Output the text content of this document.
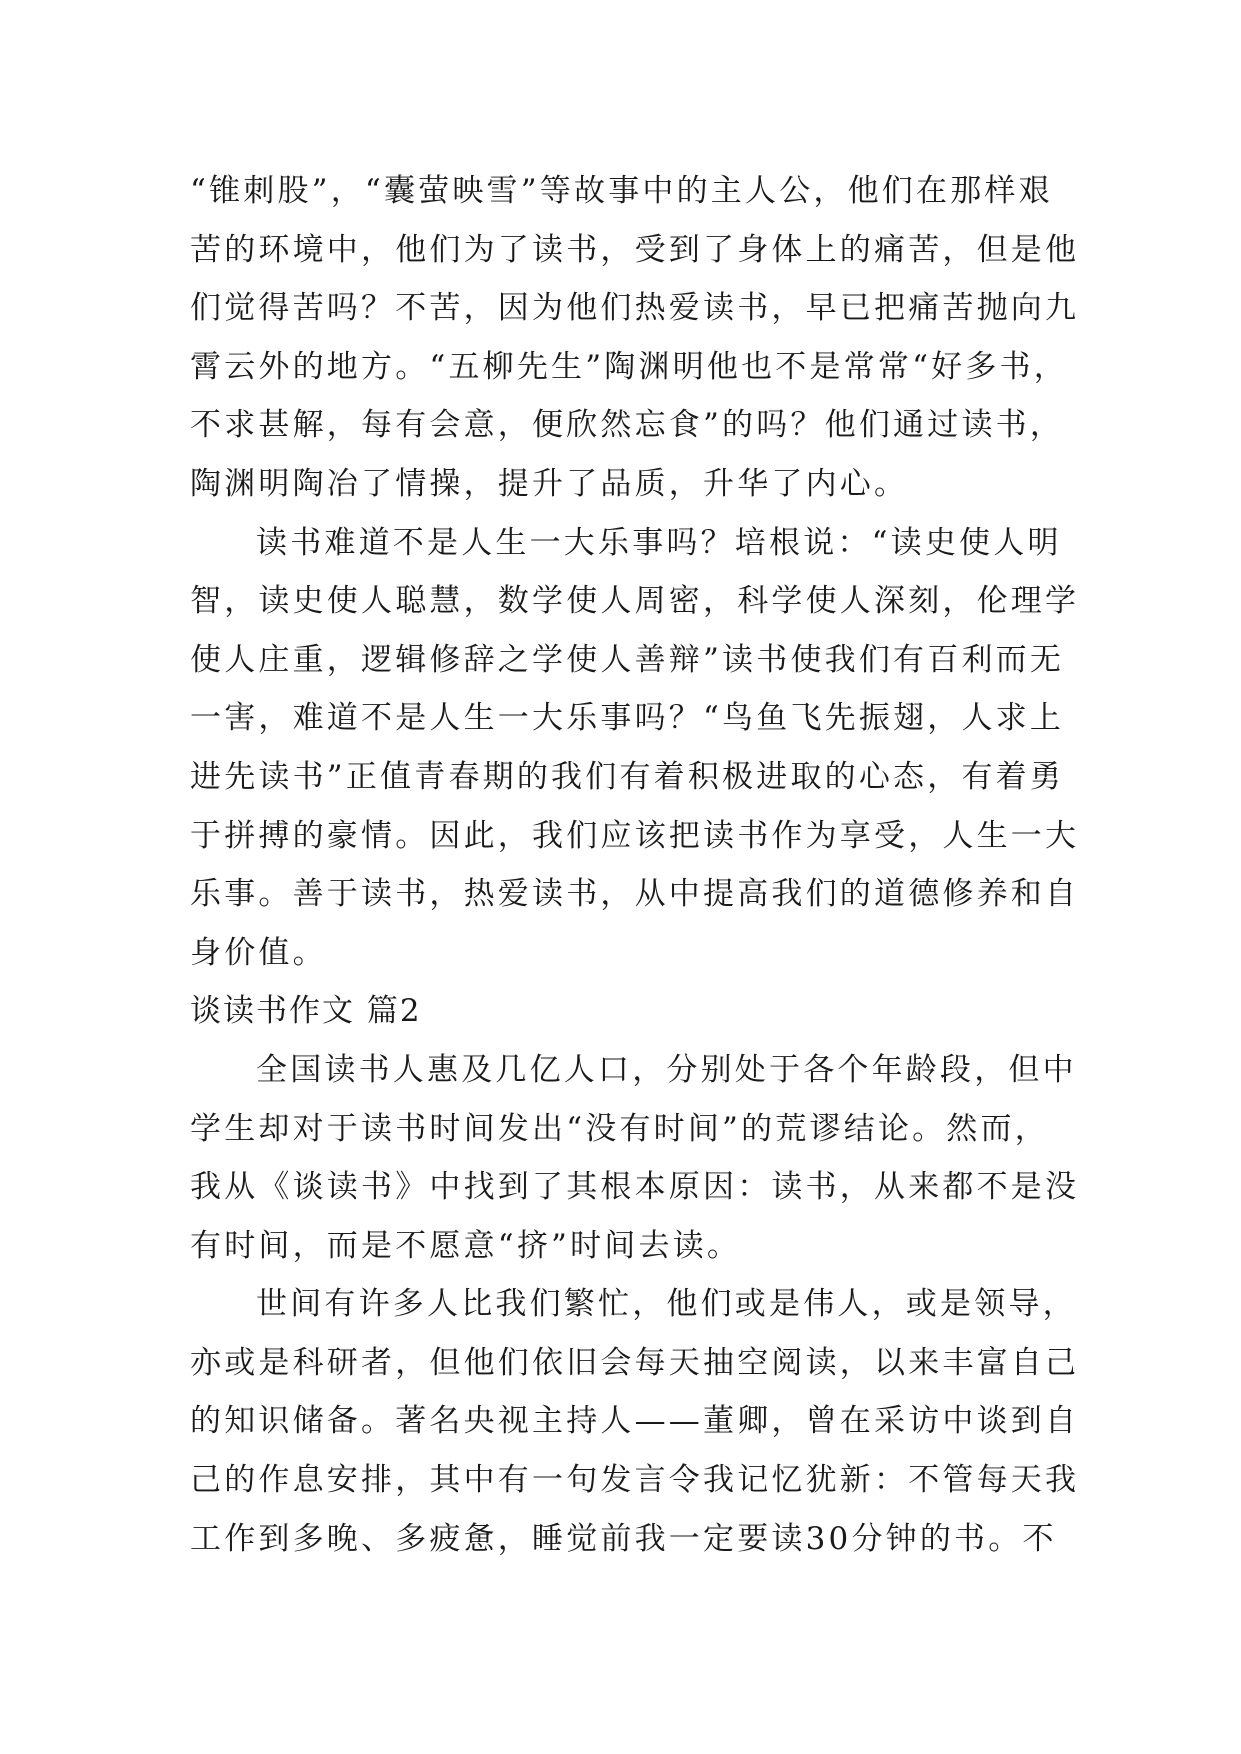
“锥刺股”，“囊萤映雪”等故事中的主人公，他们在那样艰
苦的环境中，他们为了读书，受到了身体上的痛苦，但是他
们觉得苦吗？不苦，因为他们热爱读书，早已把痛苦抛向九
霄云外的地方。“五柳先生”陶渊明他也不是常常“好多书，
不求甚解，每有会意，便欣然忘食”的吗？他们通过读书，
陶渊明陶冶了情操，提升了品质，升华了内心。
读书难道不是人生一大乐事吗？培根说：“读史使人明
智，读史使人聪慧，数学使人周密，科学使人深刻，伦理学
使人庄重，逻辑修辞之学使人善辩”读书使我们有百利而无
一害，难道不是人生一大乐事吗？“鸟鱼飞先振翅，人求上
进先读书”正值青春期的我们有着积极进取的心态，有着勇
于拼搏的豪情。因此，我们应该把读书作为享受，人生一大
乐事。善于读书，热爱读书，从中提高我们的道德修养和自
身价值。
谈读书作文 篇2
全国读书人惠及几亿人口，分别处于各个年龄段，但中
学生却对于读书时间发出“没有时间”的荒谬结论。然而，
我从《谈读书》中找到了其根本原因：读书，从来都不是没
有时间，而是不愿意“挤”时间去读。
世间有许多人比我们繁忙，他们或是伟人，或是领导，
亦或是科研者，但他们依旧会每天抽空阅读，以来丰富自己
的知识储备。著名央视主持人——董卿，曾在采访中谈到自
己的作息安排，其中有一句发言令我记忆犹新：不管每天我
工作到多晚、多疲惫，睡觉前我一定要读30分钟的书。不
